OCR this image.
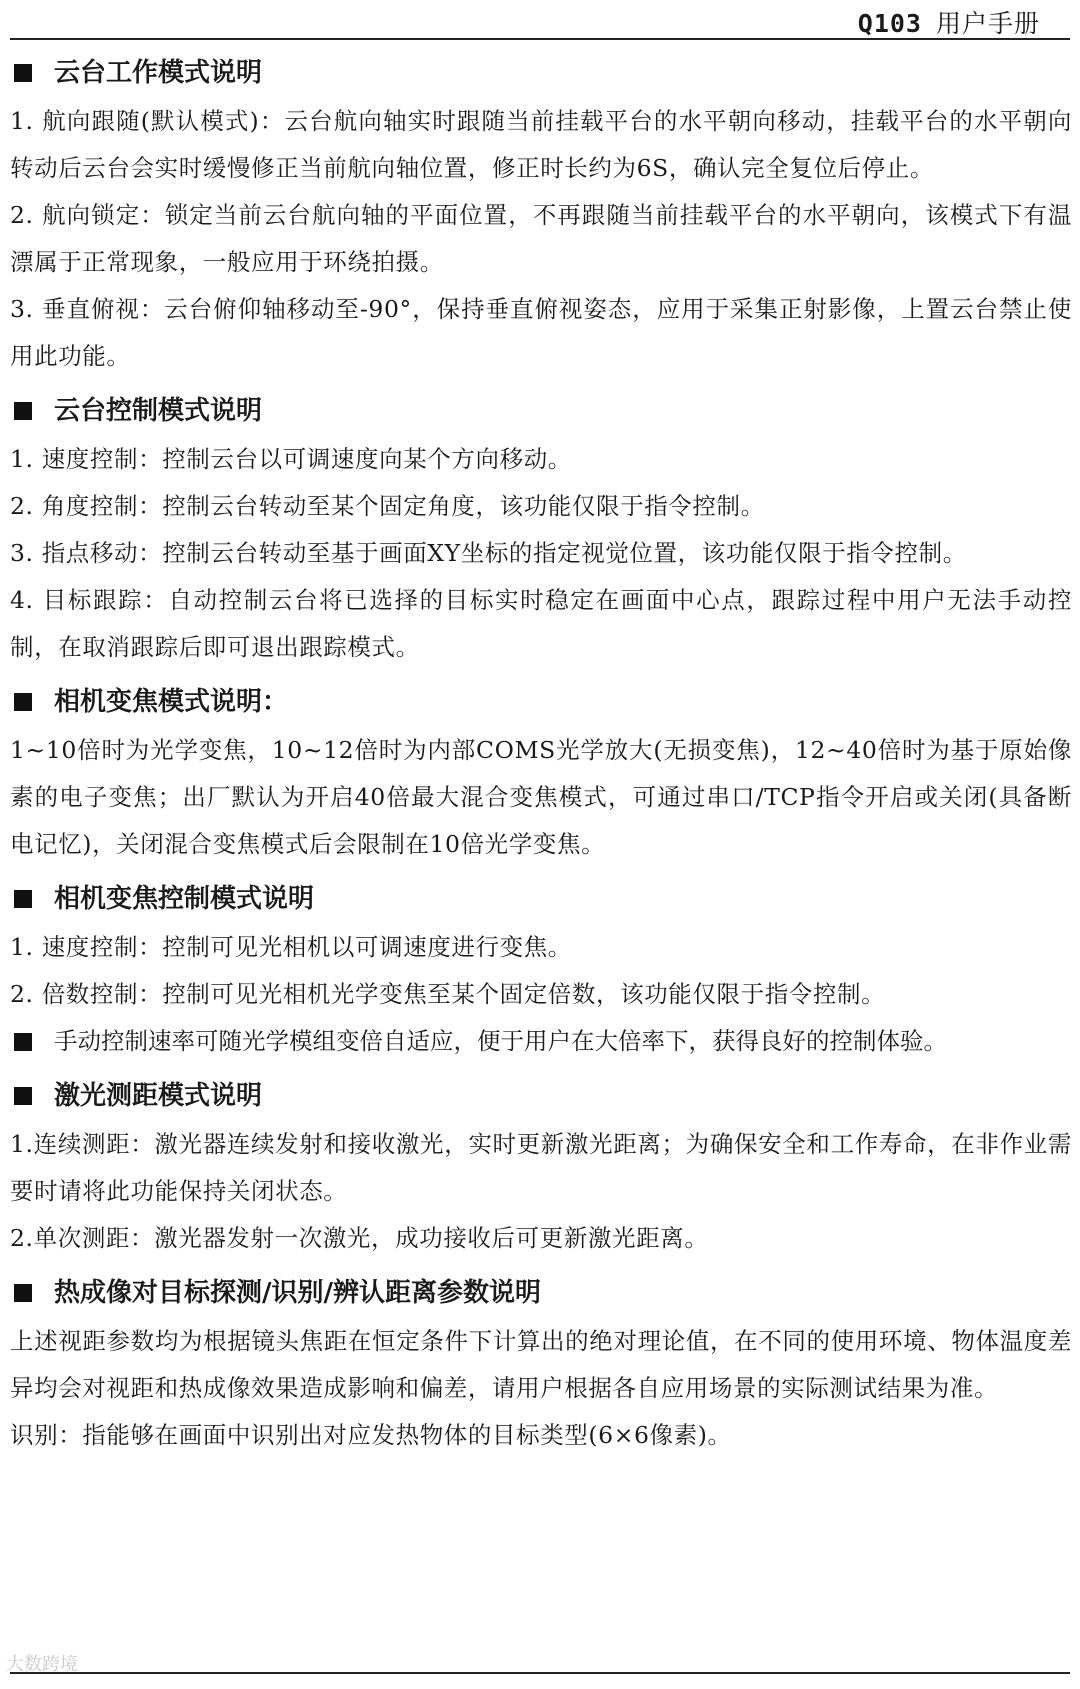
Q103 用户手册
云台工作模式说明

1. 航向跟随(默认模式)：云台航向轴实时跟随当前挂载平台的水平朝向移动，挂载平台的水平朝向转动后云台会实时缓慢修正当前航向轴位置，修正时长约为6S，确认完全复位后停止。

2. 航向锁定：锁定当前云台航向轴的平面位置，不再跟随当前挂载平台的水平朝向，该模式下有温漂属于正常现象，一般应用于环绕拍摄。

3. 垂直俯视：云台俯仰轴移动至-90°，保持垂直俯视姿态，应用于采集正射影像，上置云台禁止使用此功能。

云台控制模式说明

1. 速度控制：控制云台以可调速度向某个方向移动。

2. 角度控制：控制云台转动至某个固定角度，该功能仅限于指令控制。

3. 指点移动：控制云台转动至基于画面XY坐标的指定视觉位置，该功能仅限于指令控制。

4. 目标跟踪：自动控制云台将已选择的目标实时稳定在画面中心点，跟踪过程中用户无法手动控制，在取消跟踪后即可退出跟踪模式。

相机变焦模式说明：

1~10倍时为光学变焦，10~12倍时为内部COMS光学放大(无损变焦)，12~40倍时为基于原始像素的电子变焦；出厂默认为开启40倍最大混合变焦模式，可通过串口/TCP指令开启或关闭(具备断电记忆)，关闭混合变焦模式后会限制在10倍光学变焦。

相机变焦控制模式说明

1. 速度控制：控制可见光相机以可调速度进行变焦。

2. 倍数控制：控制可见光相机光学变焦至某个固定倍数，该功能仅限于指令控制。

手动控制速率可随光学模组变倍自适应，便于用户在大倍率下，获得良好的控制体验。
激光测距模式说明

1.连续测距：激光器连续发射和接收激光，实时更新激光距离；为确保安全和工作寿命，在非作业需要时请将此功能保持关闭状态。

2.单次测距：激光器发射一次激光，成功接收后可更新激光距离。

热成像对目标探测/识别/辨认距离参数说明

上述视距参数均为根据镜头焦距在恒定条件下计算出的绝对理论值，在不同的使用环境、物体温度差异均会对视距和热成像效果造成影响和偏差，请用户根据各自应用场景的实际测试结果为准。

识别：指能够在画面中识别出对应发热物体的目标类型(6×6像素)。

大数跨境
